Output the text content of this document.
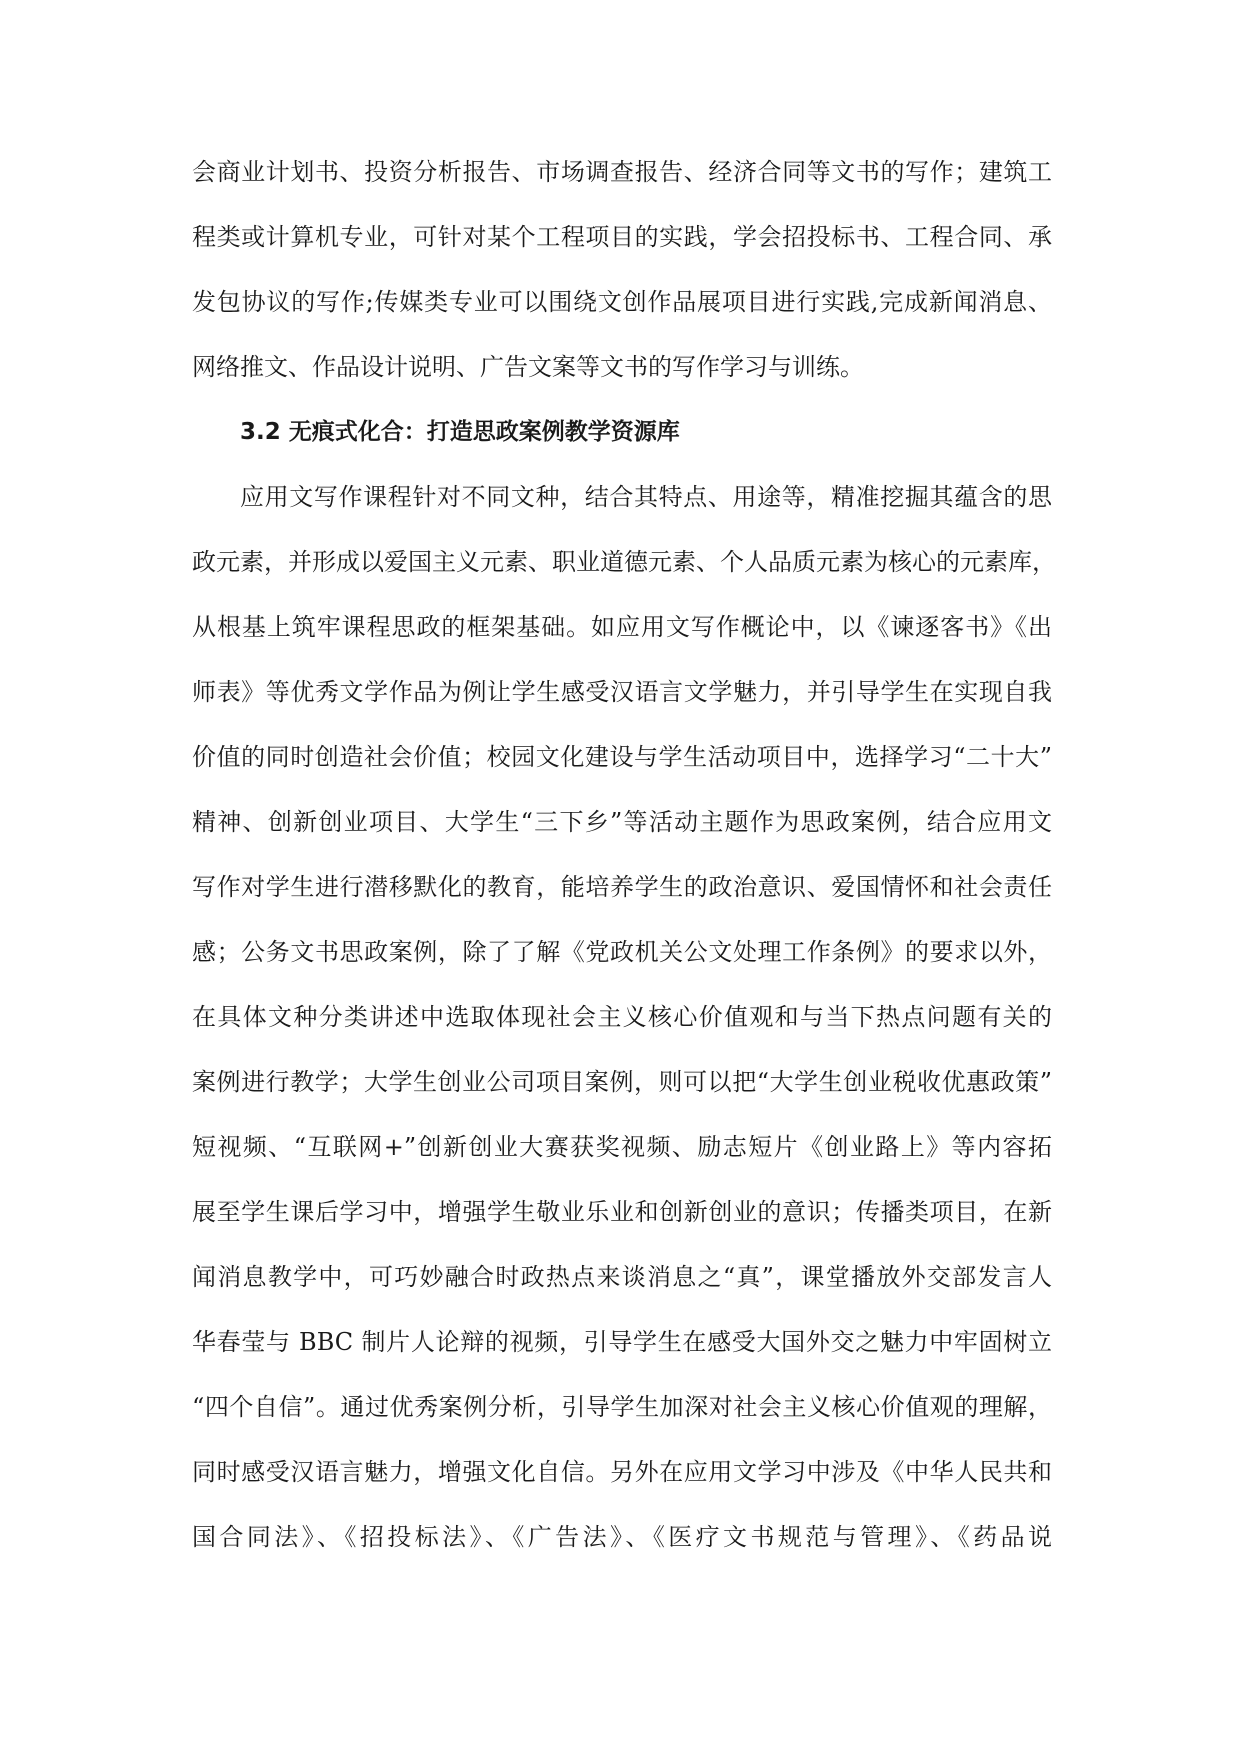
会商业计划书、投资分析报告、市场调查报告、经济合同等文书的写作；建筑工
程类或计算机专业，可针对某个工程项目的实践，学会招投标书、工程合同、承
发包协议的写作;传媒类专业可以围绕文创作品展项目进行实践,完成新闻消息、
网络推文、作品设计说明、广告文案等文书的写作学习与训练。
3.2 无痕式化合：打造思政案例教学资源库
应用文写作课程针对不同文种，结合其特点、用途等，精准挖掘其蕴含的思
政元素，并形成以爱国主义元素、职业道德元素、个人品质元素为核心的元素库，
从根基上筑牢课程思政的框架基础。如应用文写作概论中，以《谏逐客书》《出
师表》等优秀文学作品为例让学生感受汉语言文学魅力，并引导学生在实现自我
价值的同时创造社会价值；校园文化建设与学生活动项目中，选择学习“二十大”
精神、创新创业项目、大学生“三下乡”等活动主题作为思政案例，结合应用文
写作对学生进行潜移默化的教育，能培养学生的政治意识、爱国情怀和社会责任
感；公务文书思政案例，除了了解《党政机关公文处理工作条例》的要求以外，
在具体文种分类讲述中选取体现社会主义核心价值观和与当下热点问题有关的
案例进行教学；大学生创业公司项目案例，则可以把“大学生创业税收优惠政策”
短视频、“互联网+”创新创业大赛获奖视频、励志短片《创业路上》等内容拓
展至学生课后学习中，增强学生敬业乐业和创新创业的意识；传播类项目，在新
闻消息教学中，可巧妙融合时政热点来谈消息之“真”，课堂播放外交部发言人
华春莹与 BBC 制片人论辩的视频，引导学生在感受大国外交之魅力中牢固树立
“四个自信”。通过优秀案例分析，引导学生加深对社会主义核心价值观的理解，
同时感受汉语言魅力，增强文化自信。另外在应用文学习中涉及《中华人民共和
国合同法》、《招投标法》、《广告法》、《医疗文书规范与管理》、《药品说
